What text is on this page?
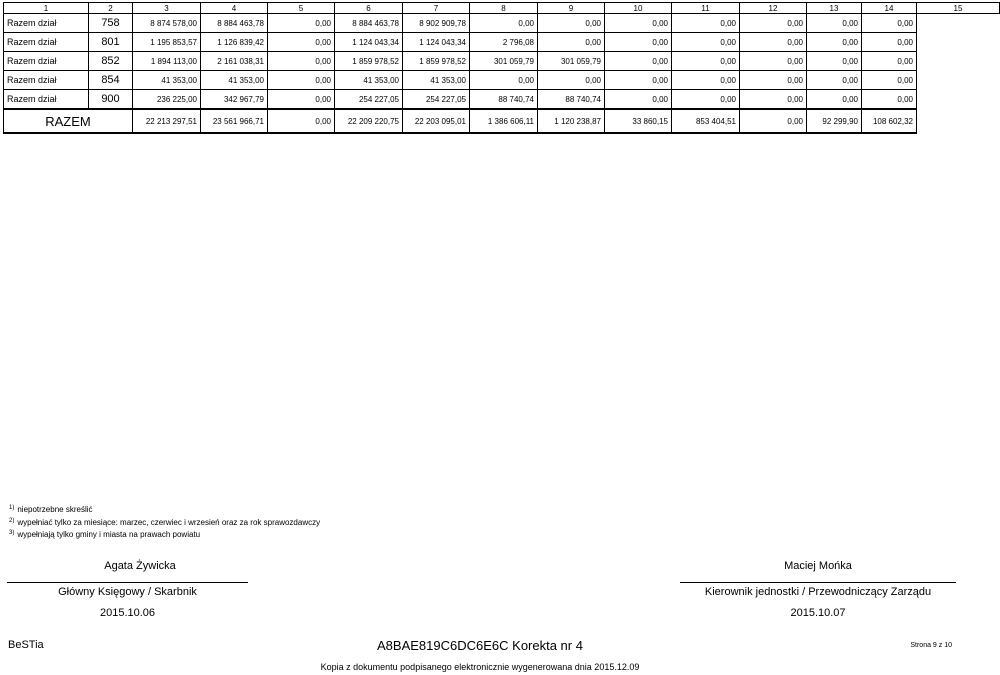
1	2	3	4	5	6	7	8	9	10	11	12	13	14	15
Razem dział	758	8 874 578,00	8 884 463,78	0,00	8 884 463,78	8 902 909,78	0,00	0,00	0,00	0,00	0,00	0,00	0,00	
Razem dział	801	1 195 853,57	1 126 839,42	0,00	1 124 043,34	1 124 043,34	2 796,08	0,00	0,00	0,00	0,00	0,00	0,00	
Razem dział	852	1 894 113,00	2 161 038,31	0,00	1 859 978,52	1 859 978,52	301 059,79	301 059,79	0,00	0,00	0,00	0,00	0,00	
Razem dział	854	41 353,00	41 353,00	0,00	41 353,00	41 353,00	0,00	0,00	0,00	0,00	0,00	0,00	0,00	
Razem dział	900	236 225,00	342 967,79	0,00	254 227,05	254 227,05	88 740,74	88 740,74	0,00	0,00	0,00	0,00	0,00	
RAZEM		22 213 297,51	23 561 966,71	0,00	22 209 220,75	22 203 095,01	1 386 606,11	1 120 238,87	33 860,15	853 404,51	0,00	92 299,90	108 602,32	
$^{1)}$ niepotrzebne skreślić
$^{2)}$ wypełniać tylko za miesiące: marzec, czerwiec i wrzesień oraz za rok sprawozdawczy
$^{3)}$ wypełniają tylko gminy i miasta na prawach powiatu
Agata Żywicka
Główny Księgowy / Skarbnik
2015.10.06
Maciej Mońka
Kierownik jednostki / Przewodniczący Zarządu
2015.10.07
BeSTia	A8BAE819C6DC6E6C Korekta nr 4	Strona 9 z 10
Kopia z dokumentu podpisanego elektronicznie wygenerowana dnia 2015.12.09
